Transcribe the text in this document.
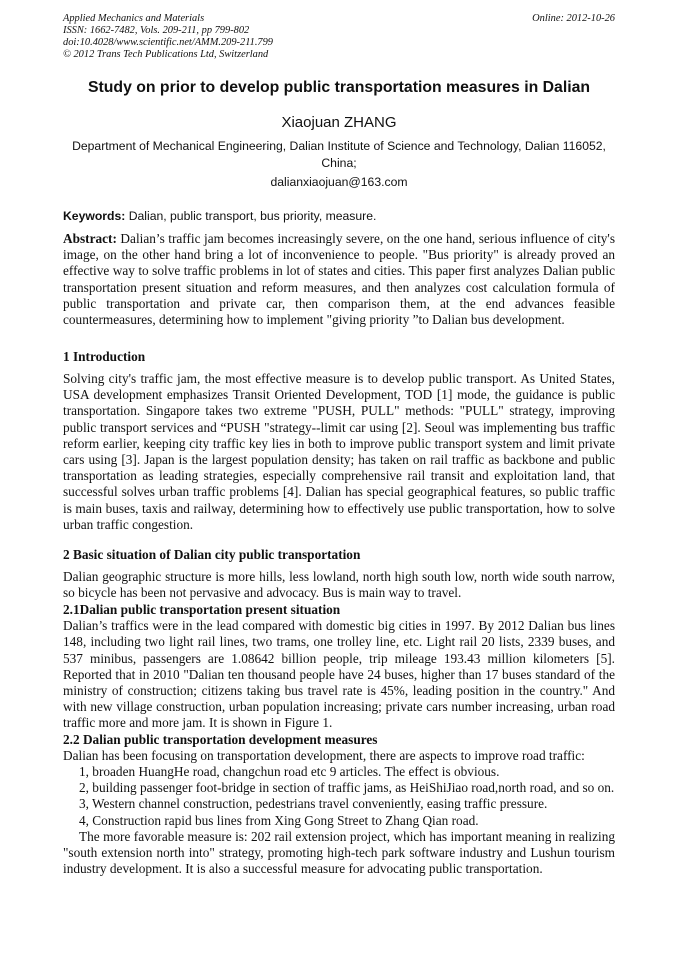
Applied Mechanics and Materials
ISSN: 1662-7482, Vols. 209-211, pp 799-802
doi:10.4028/www.scientific.net/AMM.209-211.799
© 2012 Trans Tech Publications Ltd, Switzerland
Online: 2012-10-26
Study on prior to develop public transportation measures in Dalian
Xiaojuan ZHANG
Department of Mechanical Engineering, Dalian Institute of Science and Technology, Dalian 116052, China;
dalianxiaojuan@163.com
Keywords: Dalian, public transport, bus priority, measure.
Abstract: Dalian’s traffic jam becomes increasingly severe, on the one hand, serious influence of city's image, on the other hand bring a lot of inconvenience to people. "Bus priority" is already proved an effective way to solve traffic problems in lot of states and cities. This paper first analyzes Dalian public transportation present situation and reform measures, and then analyzes cost calculation formula of public transportation and private car, then comparison them, at the end advances feasible countermeasures, determining how to implement "giving priority ”to Dalian bus development.
1 Introduction
Solving city's traffic jam, the most effective measure is to develop public transport. As United States, USA development emphasizes Transit Oriented Development, TOD [1] mode, the guidance is public transportation. Singapore takes two extreme "PUSH, PULL" methods: "PULL" strategy, improving public transport services and “PUSH "strategy--limit car using [2]. Seoul was implementing bus traffic reform earlier, keeping city traffic key lies in both to improve public transport system and limit private cars using [3]. Japan is the largest population density; has taken on rail traffic as backbone and public transportation as leading strategies, especially comprehensive rail transit and exploitation land, that successful solves urban traffic problems [4]. Dalian has special geographical features, so public traffic is main buses, taxis and railway, determining how to effectively use public transportation, how to solve urban traffic congestion.
2 Basic situation of Dalian city public transportation
Dalian geographic structure is more hills, less lowland, north high south low, north wide south narrow, so bicycle has been not pervasive and advocacy. Bus is main way to travel.

2.1Dalian public transportation present situation

Dalian’s traffics were in the lead compared with domestic big cities in 1997. By 2012 Dalian bus lines 148, including two light rail lines, two trams, one trolley line, etc. Light rail 20 lists, 2339 buses, and 537 minibus, passengers are 1.08642 billion people, trip mileage 193.43 million kilometers [5]. Reported that in 2010 "Dalian ten thousand people have 24 buses, higher than 17 buses standard of the ministry of construction; citizens taking bus travel rate is 45%, leading position in the country." And with new village construction, urban population increasing; private cars number increasing, urban road traffic more and more jam. It is shown in Figure 1.

2.2 Dalian public transportation development measures

Dalian has been focusing on transportation development, there are aspects to improve road traffic:

1, broaden HuangHe road, changchun road etc 9 articles. The effect is obvious.

2, building passenger foot-bridge in section of traffic jams, as HeiShiJiao road,north road, and so on.

3, Western channel construction, pedestrians travel conveniently, easing traffic pressure.

4, Construction rapid bus lines from Xing Gong Street to Zhang Qian road.

The more favorable measure is: 202 rail extension project, which has important meaning in realizing "south extension north into" strategy, promoting high-tech park software industry and Lushun tourism industry development. It is also a successful measure for advocating public transportation.
